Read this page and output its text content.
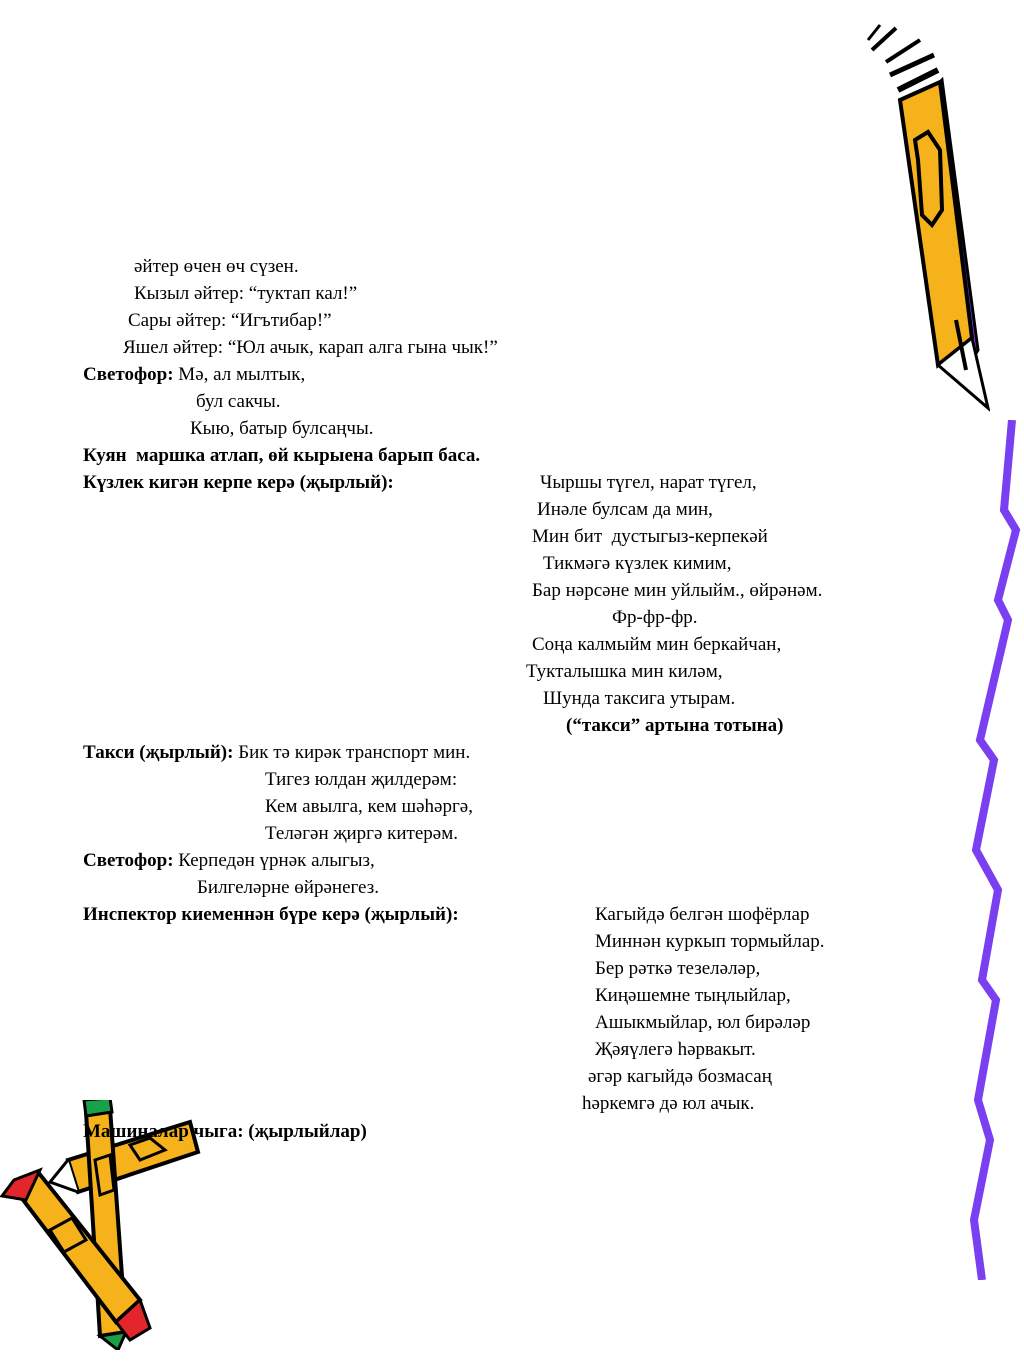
әйтер өчен өч сүзен.

Кызыл әйтер: “туктап кал!”

Сары әйтер: “Игътибар!”

Яшел әйтер: “Юл ачык, карап алга гына чык!”

Светофор: Мә, ал мылтык,

бул сакчы.

Кыю, батыр булсаңчы.

Куян  маршка атлап, өй кырыена барып баса.

Күзлек кигән керпе керә (җырлый):	Чыршы түгел, нарат түгел,

Инәле булсам да мин,

Мин бит  дустыгыз-керпекәй

Тикмәгә күзлек кимим,

Бар нәрсәне мин уйлыйм., өйрәнәм.

Фр-фр-фр.

Соңа калмыйм мин беркайчан,

Тукталышка мин киләм,

Шунда таксига утырам.

(“такси” артына тотына)

Такси (җырлый): Бик тә кирәк транспорт мин.

Тигез юлдан җилдерәм:

Кем авылга, кем шәһәргә,

Теләгән җиргә китерәм.

Светофор: Керпедән үрнәк алыгыз,

Билгеләрне өйрәнегез.

Инспектор киеменнән бүре керә (җырлый):	Кагыйдә белгән шофёрлар

Миннән куркып тормыйлар.

Бер рәткә тезеләләр,

Киңәшемне тыңлыйлар,

Ашыкмыйлар, юл бирәләр

Җәяүлегә һәрвакыт.

әгәр кагыйдә бозмасаң

һәркемгә дә юл ачык.

Машиналар чыга: (җырлыйлар)
